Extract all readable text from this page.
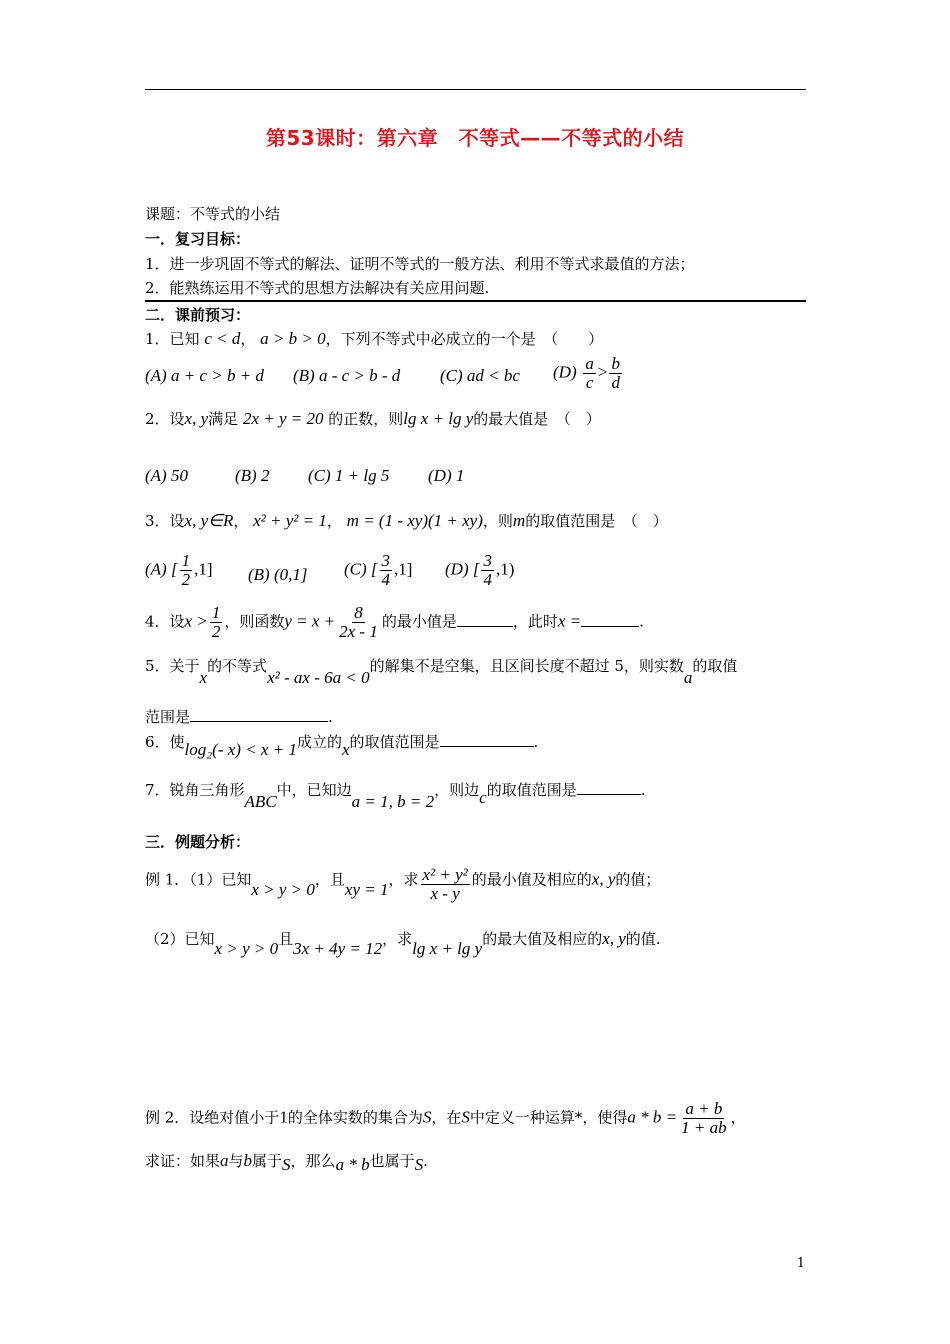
第53课时：第六章　不等式——不等式的小结
课题：不等式的小结
一．复习目标：
1．进一步巩固不等式的解法、证明不等式的一般方法、利用不等式求最值的方法；
2．能熟练运用不等式的思想方法解决有关应用问题.
二．课前预习：
1．已知 c < d， a > b > 0，下列不等式中必成立的一个是　（　　）
(A) a + c > b + d (B) a - c > b - d (C) ad < bc $(D) \frac{a}{c} > \frac{b}{d}$
2．设x, y满足 2x + y = 20 的正数，则lg x + lg y的最大值是　（　）
(A) 50	(B) 2 (C) 1 + lg 5 (D) 1
3．设x, y∈R， x² + y² = 1， m = (1 - xy)(1 + xy)，则m的取值范围是　（　）
(A) [ $\frac{1}{2} ,1$] (B) (0,1] (C) [ $\frac{3}{4} ,1$] (D) [ $\frac{3}{4} ,1$)
4．设$x > \frac{1}{2}$ ，则函数$y = x + \frac{8}{2x - 1}$ 的最小值是	，此时x =	.
5．关于x的不等式x² - ax - 6a < 0的解集不是空集，且区间长度不超过 5，则实数a的取值
范围是	.
6．使log₂(- x) < x + 1成立的x的取值范围是	.
7．锐角三角形ABC中，已知边a = 1, b = 2，则边c的取值范围是	.
三．例题分析：
例 1．（1）已知x > y > 0，且xy = 1，求 $\frac{\text{x² + y²}}{x - y}$ 的最小值及相应的x, y的值；
（2）已知x > y > 0且3x + 4y = 12，求lg x + lg y的最大值及相应的x, y的值.
例 2．设绝对值小于1的全体实数的集合为S，在S中定义一种运算*，使得$a * b = \frac{a + b}{1 + ab}$ ，
求证：如果a与b属于S，那么a * b也属于S.
1
